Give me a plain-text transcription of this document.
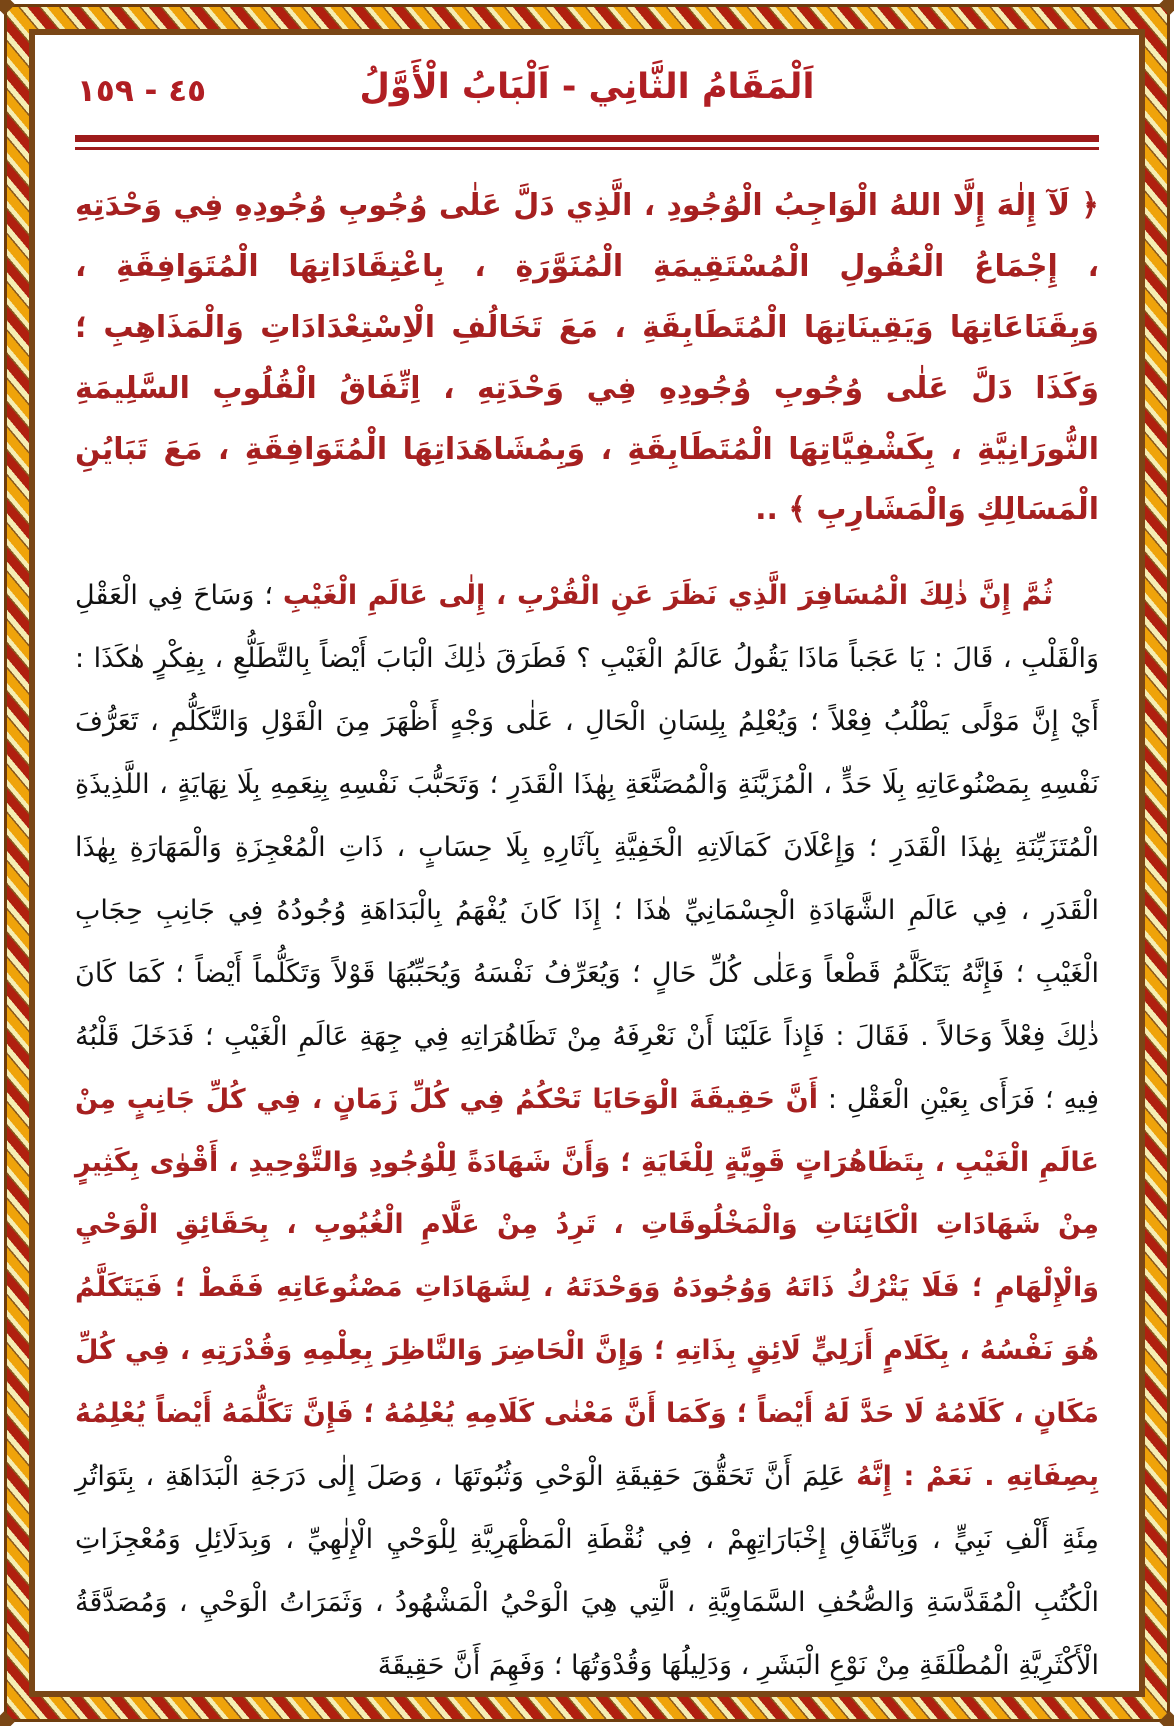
٤٥ - ١٥٩	اَلْمَقَامُ الثَّانِي - اَلْبَابُ الْأَوَّلُ

﴿ لَآ إِلٰهَ إِلَّا اللهُ الْوَاجِبُ الْوُجُودِ ، الَّذِي دَلَّ عَلٰى وُجُوبِ وُجُودِهِ فِي وَحْدَتِهِ ، إِجْمَاعُ الْعُقُولِ الْمُسْتَقِيمَةِ الْمُنَوَّرَةِ ، بِاعْتِقَادَاتِهَا الْمُتَوَافِقَةِ ، وَبِقَنَاعَاتِهَا وَيَقِينَاتِهَا الْمُتَطَابِقَةِ ، مَعَ تَخَالُفِ الْاِسْتِعْدَادَاتِ وَالْمَذَاهِبِ ؛ وَكَذَا دَلَّ عَلٰى وُجُوبِ وُجُودِهِ فِي وَحْدَتِهِ ، اِتِّفَاقُ الْقُلُوبِ السَّلِيمَةِ النُّورَانِيَّةِ ، بِكَشْفِيَّاتِهَا الْمُتَطَابِقَةِ ، وَبِمُشَاهَدَاتِهَا الْمُتَوَافِقَةِ ، مَعَ تَبَايُنِ الْمَسَالِكِ وَالْمَشَارِبِ ﴾ ..

ثُمَّ إِنَّ ذٰلِكَ الْمُسَافِرَ الَّذِي نَظَرَ عَنِ الْقُرْبِ ، إِلٰى عَالَمِ الْغَيْبِ ؛ وَسَاحَ فِي الْعَقْلِ وَالْقَلْبِ ، قَالَ : يَا عَجَباً مَاذَا يَقُولُ عَالَمُ الْغَيْبِ ؟ فَطَرَقَ ذٰلِكَ الْبَابَ أَيْضاً بِالتَّطَلُّعِ ، بِفِكْرٍ هٰكَذَا : أَيْ إِنَّ مَوْلًى يَطْلُبُ فِعْلاً ؛ وَيُعْلِمُ بِلِسَانِ الْحَالِ ، عَلٰى وَجْهٍ أَظْهَرَ مِنَ الْقَوْلِ وَالتَّكَلُّمِ ، تَعَرُّفَ نَفْسِهِ بِمَصْنُوعَاتِهِ بِلَا حَدٍّ ، الْمُزَيَّنَةِ وَالْمُصَنَّعَةِ بِهٰذَا الْقَدَرِ ؛ وَتَحَبُّبَ نَفْسِهِ بِنِعَمِهِ بِلَا نِهَايَةٍ ، اللَّذِيذَةِ الْمُتَزَيِّنَةِ بِهٰذَا الْقَدَرِ ؛ وَإِعْلَانَ كَمَالَاتِهِ الْخَفِيَّةِ بِآثَارِهِ بِلَا حِسَابٍ ، ذَاتِ الْمُعْجِزَةِ وَالْمَهَارَةِ بِهٰذَا الْقَدَرِ ، فِي عَالَمِ الشَّهَادَةِ الْجِسْمَانِيِّ هٰذَا ؛ إِذَا كَانَ يُفْهَمُ بِالْبَدَاهَةِ وُجُودُهُ فِي جَانِبِ حِجَابِ الْغَيْبِ ؛ فَإِنَّهُ يَتَكَلَّمُ قَطْعاً وَعَلٰى كُلِّ حَالٍ ؛ وَيُعَرِّفُ نَفْسَهُ وَيُحَبِّبُهَا قَوْلاً وَتَكَلُّماً أَيْضاً ؛ كَمَا كَانَ ذٰلِكَ فِعْلاً وَحَالاً . فَقَالَ : فَإِذاً عَلَيْنَا أَنْ نَعْرِفَهُ مِنْ تَظَاهُرَاتِهِ فِي جِهَةِ عَالَمِ الْغَيْبِ ؛ فَدَخَلَ قَلْبُهُ فِيهِ ؛ فَرَأَى بِعَيْنِ الْعَقْلِ : أَنَّ حَقِيقَةَ الْوَحَايَا تَحْكُمُ فِي كُلِّ زَمَانٍ ، فِي كُلِّ جَانِبٍ مِنْ عَالَمِ الْغَيْبِ ، بِتَظَاهُرَاتٍ قَوِيَّةٍ لِلْغَايَةِ ؛ وَأَنَّ شَهَادَةً لِلْوُجُودِ وَالتَّوْحِيدِ ، أَقْوٰى بِكَثِيرٍ مِنْ شَهَادَاتِ الْكَائِنَاتِ وَالْمَخْلُوقَاتِ ، تَرِدُ مِنْ عَلَّامِ الْغُيُوبِ ، بِحَقَائِقِ الْوَحْيِ وَالْإِلْهَامِ ؛ فَلَا يَتْرُكُ ذَاتَهُ وَوُجُودَهُ وَوَحْدَتَهُ ، لِشَهَادَاتِ مَصْنُوعَاتِهِ فَقَطْ ؛ فَيَتَكَلَّمُ هُوَ نَفْسُهُ ، بِكَلَامٍ أَزَلِيٍّ لَائِقٍ بِذَاتِهِ ؛ وَإِنَّ الْحَاضِرَ وَالنَّاظِرَ بِعِلْمِهِ وَقُدْرَتِهِ ، فِي كُلِّ مَكَانٍ ، كَلَامُهُ لَا حَدَّ لَهُ أَيْضاً ؛ وَكَمَا أَنَّ مَعْنٰى كَلَامِهِ يُعْلِمُهُ ؛ فَإِنَّ تَكَلُّمَهُ أَيْضاً يُعْلِمُهُ بِصِفَاتِهِ . نَعَمْ : إِنَّهُ عَلِمَ أَنَّ تَحَقُّقَ حَقِيقَةِ الْوَحْىِ وَثُبُوتَهَا ، وَصَلَ إِلٰى دَرَجَةِ الْبَدَاهَةِ ، بِتَوَاتُرِ مِئَةِ أَلْفِ نَبِيٍّ ، وَبِاتِّفَاقِ إِخْبَارَاتِهِمْ ، فِي نُقْطَةِ الْمَظْهَرِيَّةِ لِلْوَحْيِ الْإِلٰهِيِّ ، وَبِدَلَائِلِ وَمُعْجِزَاتِ الْكُتُبِ الْمُقَدَّسَةِ وَالصُّحُفِ السَّمَاوِيَّةِ ، الَّتِي هِيَ الْوَحْيُ الْمَشْهُودُ ، وَثَمَرَاتُ الْوَحْيِ ، وَمُصَدَّقَةُ الْأَكْثَرِيَّةِ الْمُطْلَقَةِ مِنْ نَوْعِ الْبَشَرِ ، وَدَلِيلُهَا وَقُدْوَتُهَا ؛ وَفَهِمَ أَنَّ حَقِيقَةَ
